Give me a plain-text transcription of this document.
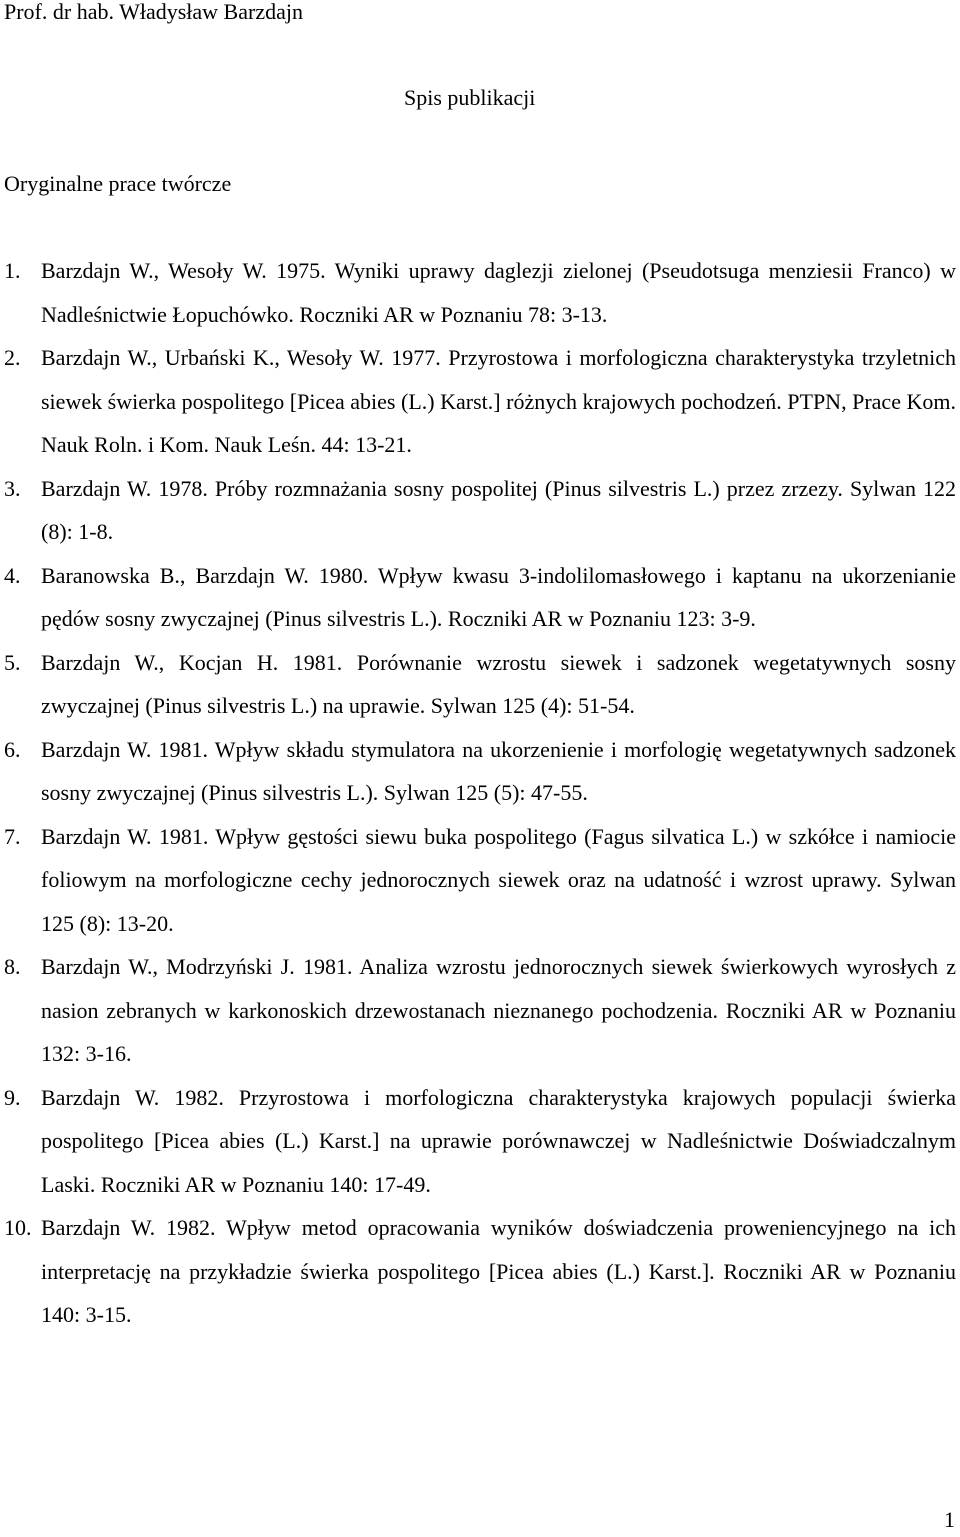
Prof. dr hab. Władysław Barzdajn
Spis publikacji
Oryginalne prace twórcze
1. Barzdajn W., Wesoły W. 1975. Wyniki uprawy daglezji zielonej (Pseudotsuga menziesii Franco) w Nadleśnictwie Łopuchówko. Roczniki AR w Poznaniu 78: 3-13.
2. Barzdajn W., Urbański K., Wesoły W. 1977. Przyrostowa i morfologiczna charakterystyka trzyletnich siewek świerka pospolitego [Picea abies (L.) Karst.] różnych krajowych pochodzeń. PTPN, Prace Kom. Nauk Roln. i Kom. Nauk Leśn. 44: 13-21.
3. Barzdajn W. 1978. Próby rozmnażania sosny pospolitej (Pinus silvestris L.) przez zrzezy. Sylwan 122 (8): 1-8.
4. Baranowska B., Barzdajn W. 1980. Wpływ kwasu 3-indolilomasłowego i kaptanu na ukorzenianie pędów sosny zwyczajnej (Pinus silvestris L.). Roczniki AR w Poznaniu 123: 3-9.
5. Barzdajn W., Kocjan H. 1981. Porównanie wzrostu siewek i sadzonek wegetatywnych sosny zwyczajnej (Pinus silvestris L.) na uprawie. Sylwan 125 (4): 51-54.
6. Barzdajn W. 1981. Wpływ składu stymulatora na ukorzenienie i morfologię wegetatywnych sadzonek sosny zwyczajnej (Pinus silvestris L.). Sylwan 125 (5): 47-55.
7. Barzdajn W. 1981. Wpływ gęstości siewu buka pospolitego (Fagus silvatica L.) w szkółce i namiocie foliowym na morfologiczne cechy jednorocznych siewek oraz na udatność i wzrost uprawy. Sylwan 125 (8): 13-20.
8. Barzdajn W., Modrzyński J. 1981. Analiza wzrostu jednorocznych siewek świerkowych wyrosłych z nasion zebranych w karkonoskich drzewostanach nieznanego pochodzenia. Roczniki AR w Poznaniu 132: 3-16.
9. Barzdajn W. 1982. Przyrostowa i morfologiczna charakterystyka krajowych populacji świerka pospolitego [Picea abies (L.) Karst.] na uprawie porównawczej w Nadleśnictwie Doświadczalnym Laski. Roczniki AR w Poznaniu 140: 17-49.
10. Barzdajn W. 1982. Wpływ metod opracowania wyników doświadczenia proweniencyjnego na ich interpretację na przykładzie świerka pospolitego [Picea abies (L.) Karst.]. Roczniki AR w Poznaniu 140: 3-15.
1
